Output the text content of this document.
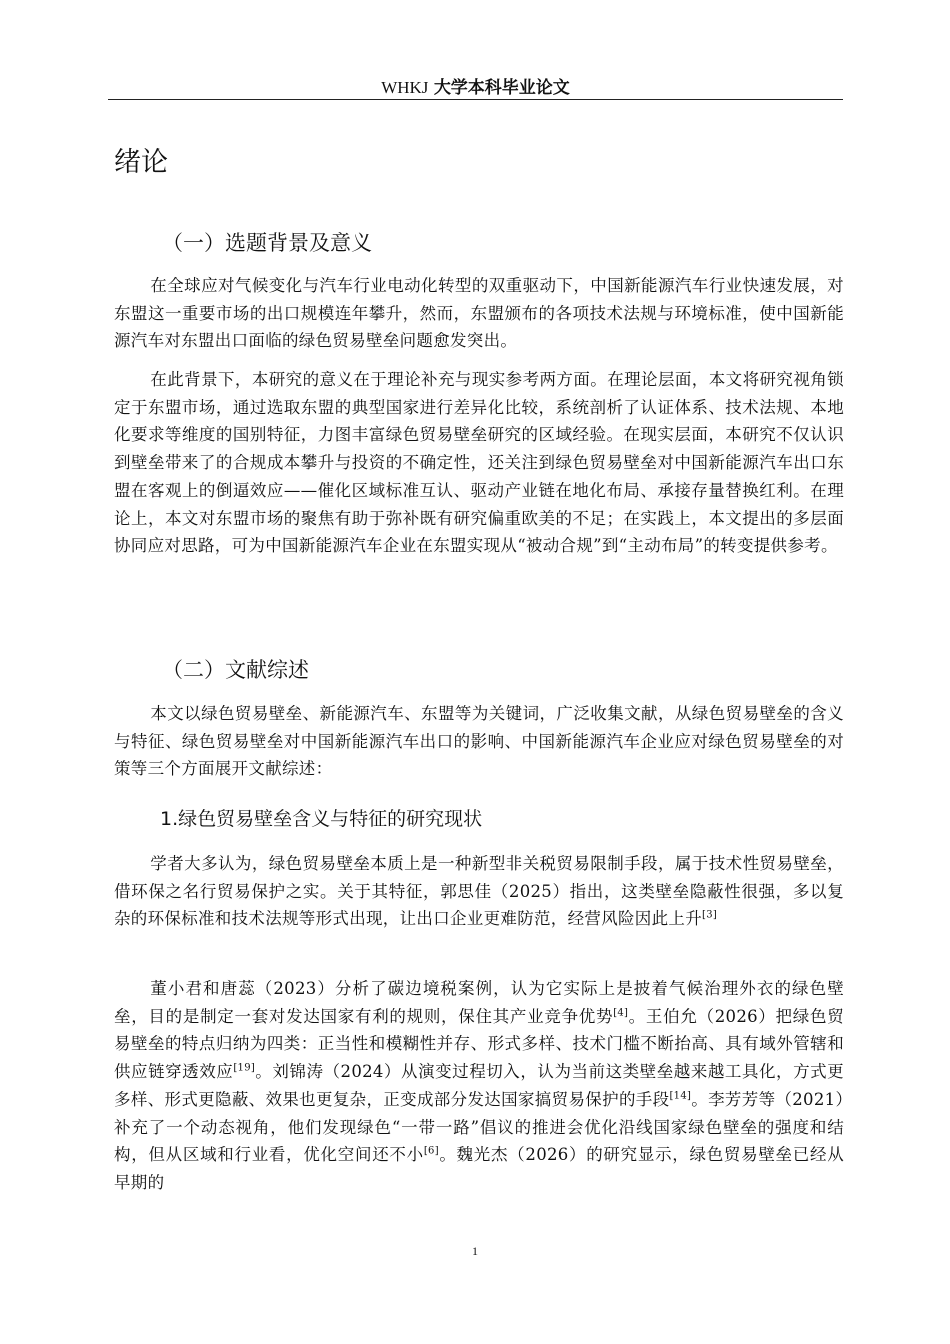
WHKJ 大学本科毕业论文
绪论
（一）选题背景及意义
在全球应对气候变化与汽车行业电动化转型的双重驱动下，中国新能源汽车行业快速发展，对东盟这一重要市场的出口规模连年攀升，然而，东盟颁布的各项技术法规与环境标准，使中国新能源汽车对东盟出口面临的绿色贸易壁垒问题愈发突出。
在此背景下，本研究的意义在于理论补充与现实参考两方面。在理论层面，本文将研究视角锁定于东盟市场，通过选取东盟的典型国家进行差异化比较，系统剖析了认证体系、技术法规、本地化要求等维度的国别特征，力图丰富绿色贸易壁垒研究的区域经验。在现实层面，本研究不仅认识到壁垒带来了的合规成本攀升与投资的不确定性，还关注到绿色贸易壁垒对中国新能源汽车出口东盟在客观上的倒逼效应——催化区域标准互认、驱动产业链在地化布局、承接存量替换红利。在理论上，本文对东盟市场的聚焦有助于弥补既有研究偏重欧美的不足；在实践上，本文提出的多层面协同应对思路，可为中国新能源汽车企业在东盟实现从“被动合规”到“主动布局”的转变提供参考。
（二）文献综述
本文以绿色贸易壁垒、新能源汽车、东盟等为关键词，广泛收集文献，从绿色贸易壁垒的含义与特征、绿色贸易壁垒对中国新能源汽车出口的影响、中国新能源汽车企业应对绿色贸易壁垒的对策等三个方面展开文献综述：
1.绿色贸易壁垒含义与特征的研究现状
学者大多认为，绿色贸易壁垒本质上是一种新型非关税贸易限制手段，属于技术性贸易壁垒，借环保之名行贸易保护之实。关于其特征，郭思佳（2025）指出，这类壁垒隐蔽性很强，多以复杂的环保标准和技术法规等形式出现，让出口企业更难防范，经营风险因此上升[3]
董小君和唐蕊（2023）分析了碳边境税案例，认为它实际上是披着气候治理外衣的绿色壁垒，目的是制定一套对发达国家有利的规则，保住其产业竞争优势[4]。王伯允（2026）把绿色贸易壁垒的特点归纳为四类：正当性和模糊性并存、形式多样、技术门槛不断抬高、具有域外管辖和供应链穿透效应[19]。刘锦涛（2024）从演变过程切入，认为当前这类壁垒越来越工具化，方式更多样、形式更隐蔽、效果也更复杂，正变成部分发达国家搞贸易保护的手段[14]。李芳芳等（2021）补充了一个动态视角，他们发现绿色“一带一路”倡议的推进会优化沿线国家绿色壁垒的强度和结构，但从区域和行业看，优化空间还不小[6]。魏光杰（2026）的研究显示，绿色贸易壁垒已经从早期的
1
